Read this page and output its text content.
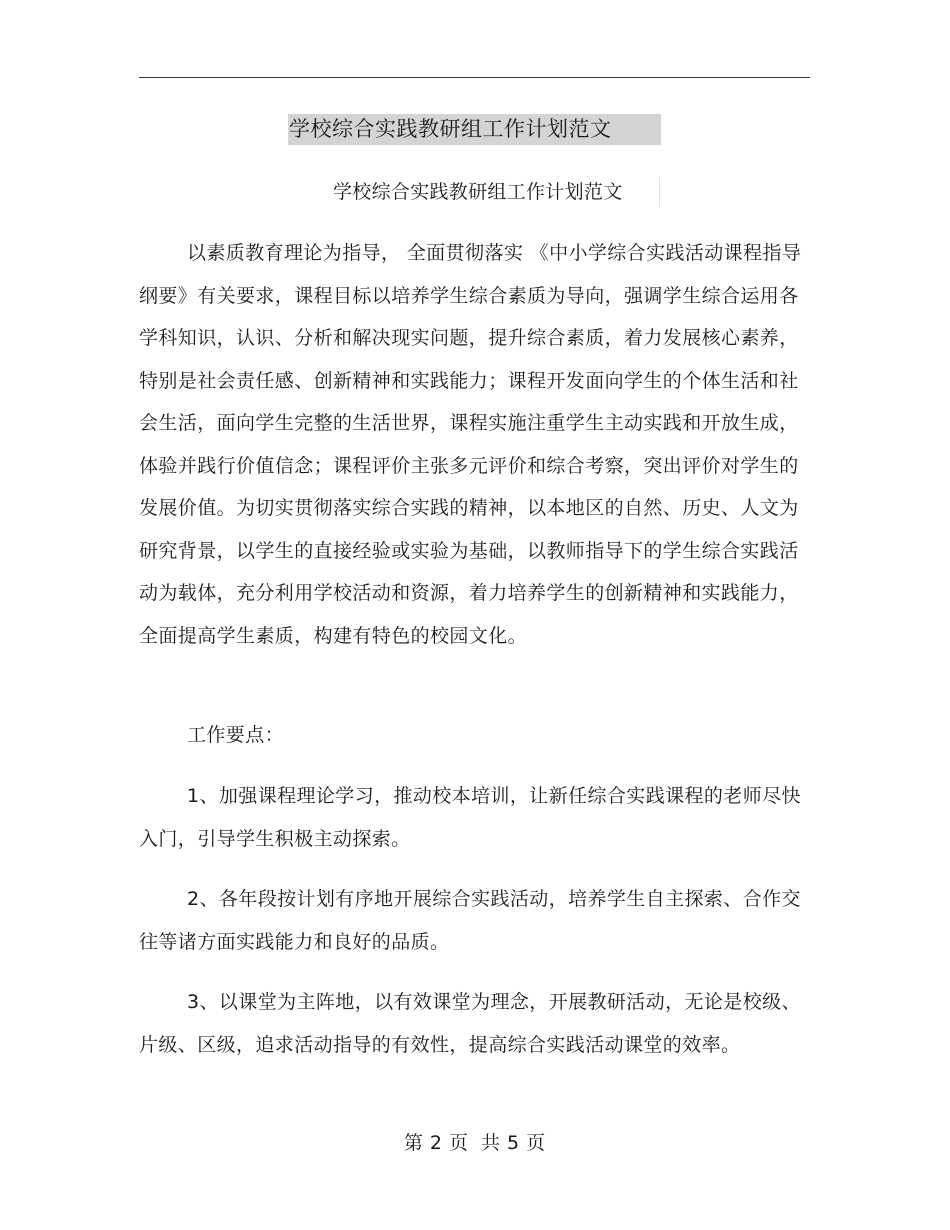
学校综合实践教研组工作计划范文
学校综合实践教研组工作计划范文

以素质教育理论为指导， 全面贯彻落实 《中小学综合实践活动课程指导纲要》有关要求，课程目标以培养学生综合素质为导向，强调学生综合运用各学科知识，认识、分析和解决现实问题，提升综合素质，着力发展核心素养，特别是社会责任感、创新精神和实践能力；课程开发面向学生的个体生活和社会生活，面向学生完整的生活世界，课程实施注重学生主动实践和开放生成，体验并践行价值信念；课程评价主张多元评价和综合考察，突出评价对学生的发展价值。为切实贯彻落实综合实践的精神，以本地区的自然、历史、人文为研究背景，以学生的直接经验或实验为基础，以教师指导下的学生综合实践活动为载体，充分利用学校活动和资源，着力培养学生的创新精神和实践能力，全面提高学生素质，构建有特色的校园文化。

工作要点：

1、加强课程理论学习，推动校本培训，让新任综合实践课程的老师尽快入门，引导学生积极主动探索。

2、各年段按计划有序地开展综合实践活动，培养学生自主探索、合作交往等诸方面实践能力和良好的品质。

3、以课堂为主阵地，以有效课堂为理念，开展教研活动，无论是校级、片级、区级，追求活动指导的有效性，提高综合实践活动课堂的效率。

第 2 页 共 5 页
